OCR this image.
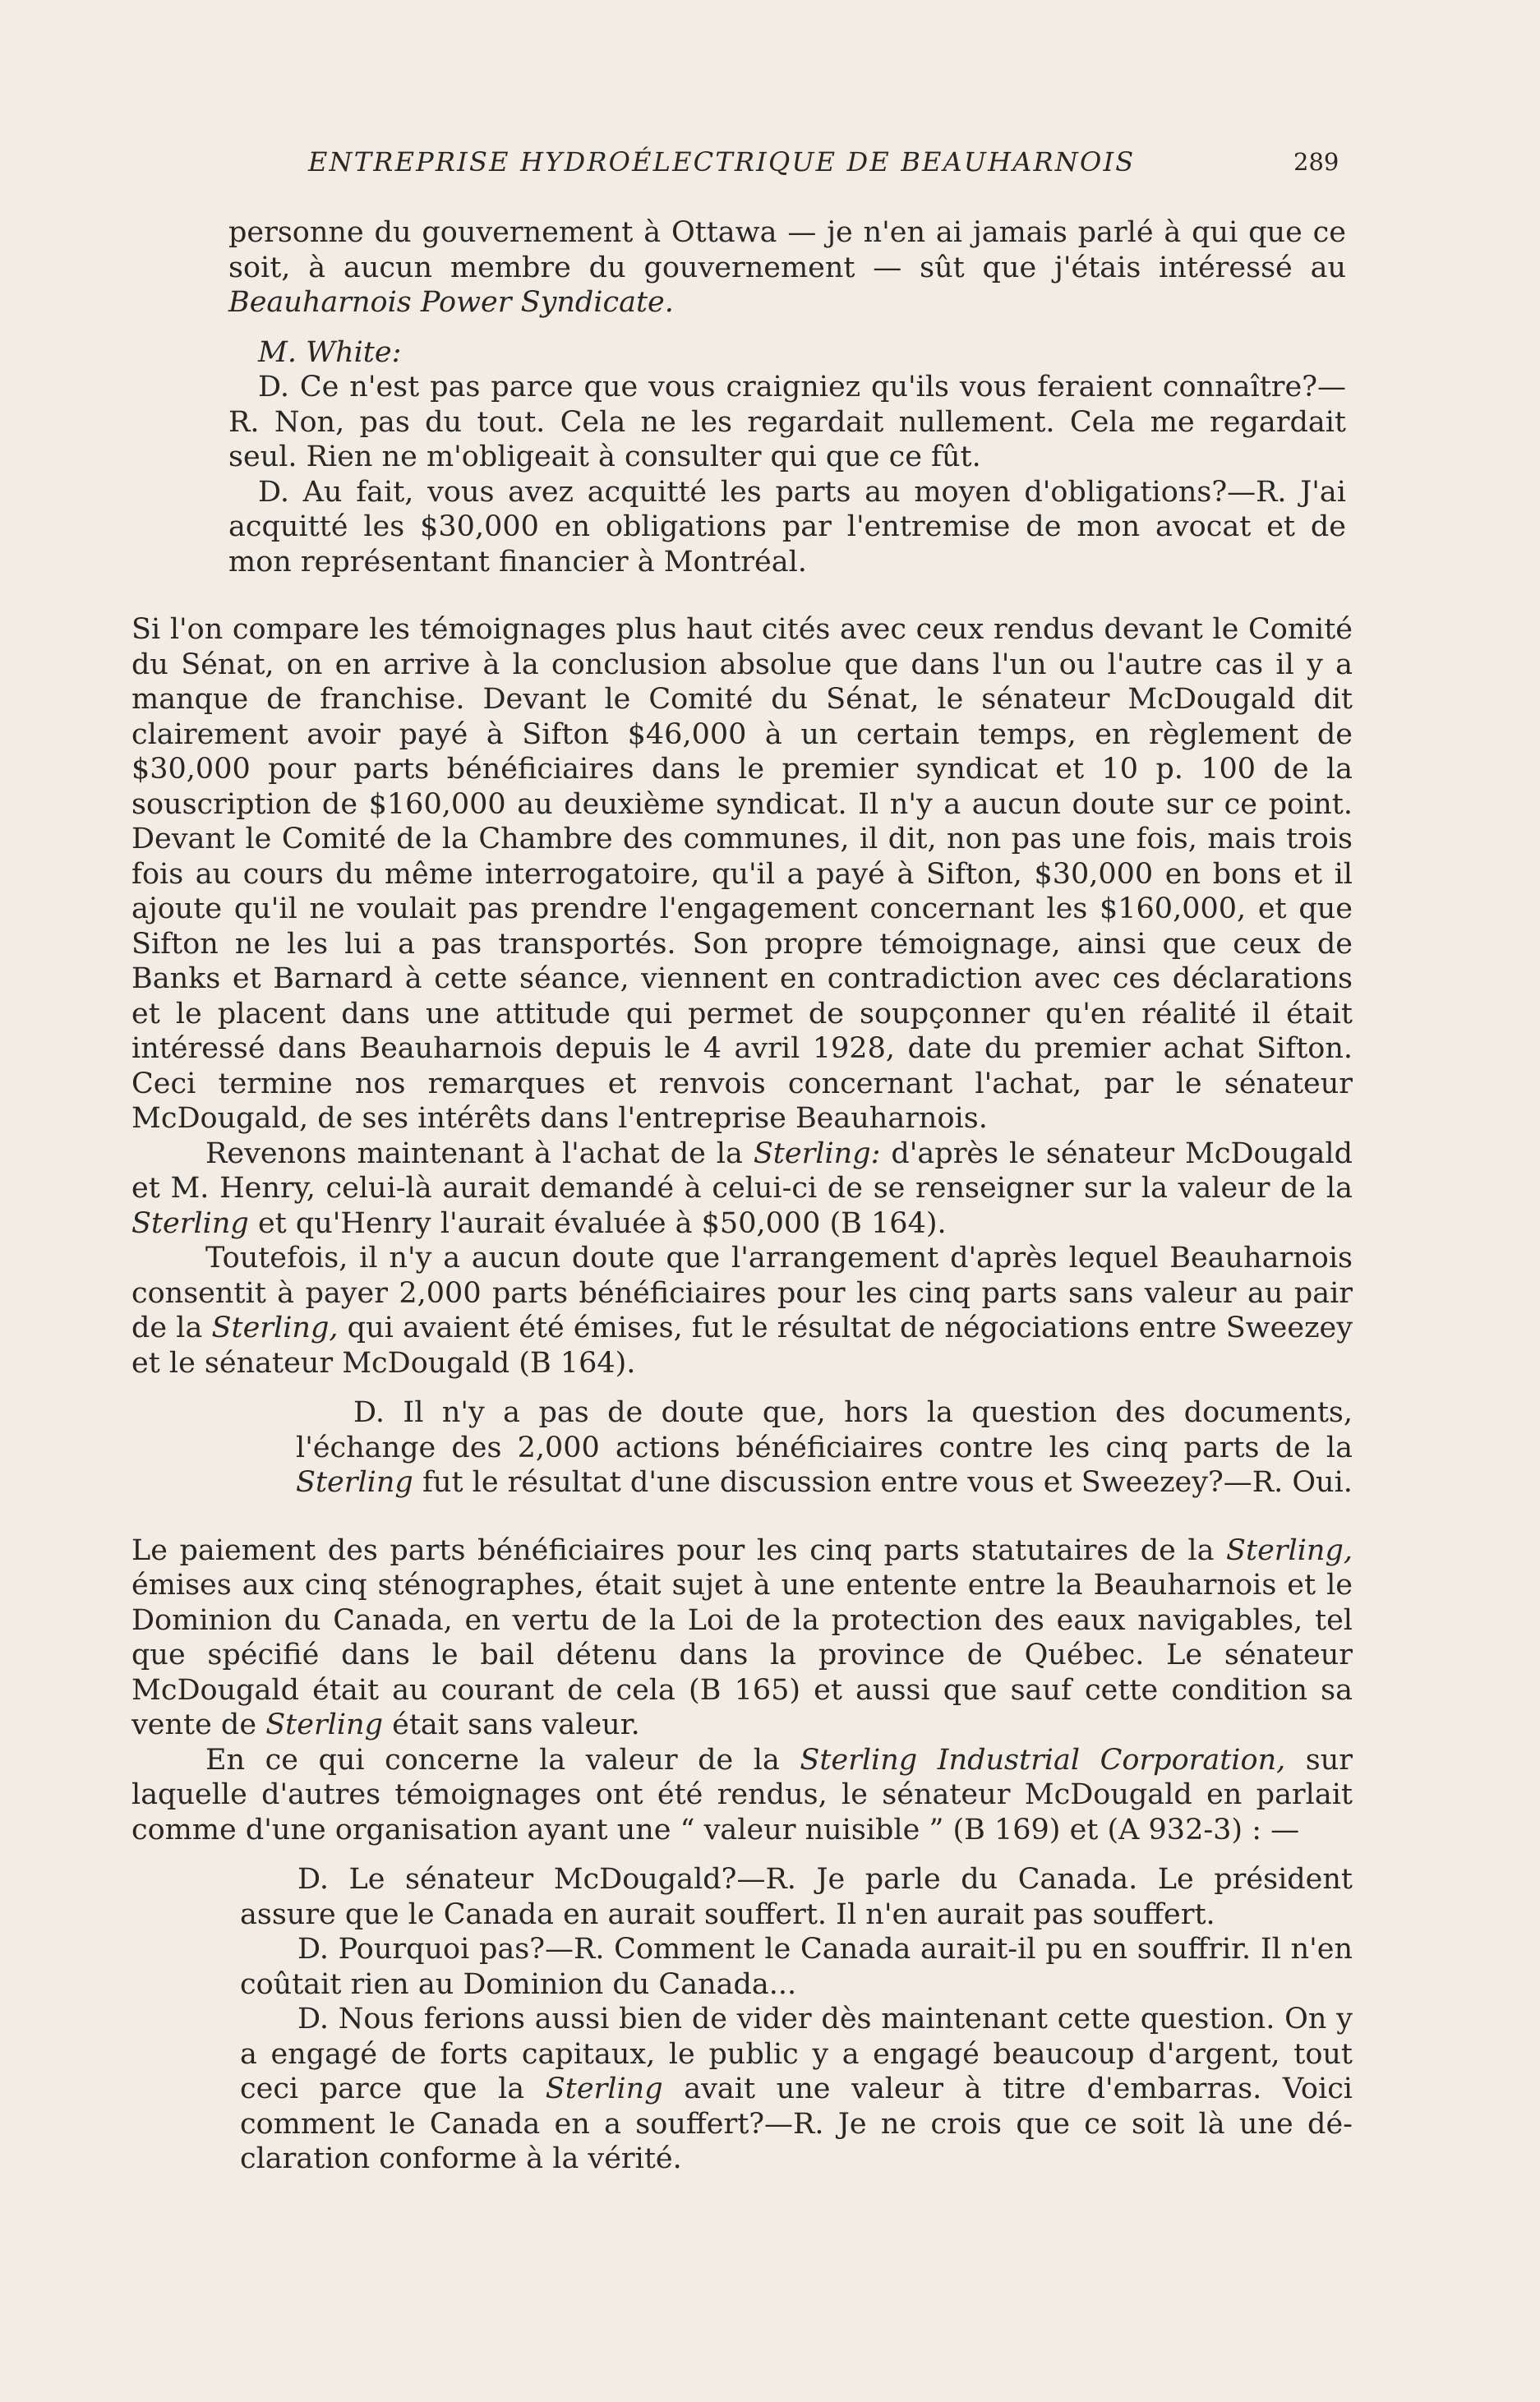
ENTREPRISE HYDROÉLECTRIQUE DE BEAUHARNOIS	289

personne du gouvernement à Ottawa — je n'en ai jamais parlé à qui que ce soit, à aucun membre du gouvernement — sût que j'étais intéressé au Beauharnois Power Syndicate.

M. White:

D. Ce n'est pas parce que vous craigniez qu'ils vous feraient connaître?—R. Non, pas du tout. Cela ne les regardait nullement. Cela me regardait seul. Rien ne m'obligeait à consulter qui que ce fût.

D. Au fait, vous avez acquitté les parts au moyen d'obligations?—R. J'ai acquitté les $30,000 en obligations par l'entremise de mon avocat et de mon représentant financier à Montréal.

Si l'on compare les témoignages plus haut cités avec ceux rendus devant le Comité du Sénat, on en arrive à la conclusion absolue que dans l'un ou l'autre cas il y a manque de franchise. Devant le Comité du Sénat, le sénateur McDougald dit clairement avoir payé à Sifton $46,000 à un certain temps, en règlement de $30,000 pour parts bénéficiaires dans le premier syndicat et 10 p. 100 de la souscription de $160,000 au deuxième syndicat. Il n'y a aucun doute sur ce point. Devant le Comité de la Chambre des communes, il dit, non pas une fois, mais trois fois au cours du même interrogatoire, qu'il a payé à Sifton, $30,000 en bons et il ajoute qu'il ne voulait pas prendre l'engagement concernant les $160,000, et que Sifton ne les lui a pas transportés. Son propre témoignage, ainsi que ceux de Banks et Barnard à cette séance, viennent en contradiction avec ces déclarations et le placent dans une attitude qui permet de soupçonner qu'en réalité il était intéressé dans Beauharnois depuis le 4 avril 1928, date du premier achat Sifton. Ceci termine nos remarques et renvois concernant l'achat, par le sénateur McDougald, de ses intérêts dans l'entreprise Beauharnois.

Revenons maintenant à l'achat de la Sterling: d'après le sénateur McDougald et M. Henry, celui-là aurait demandé à celui-ci de se renseigner sur la valeur de la Sterling et qu'Henry l'aurait évaluée à $50,000 (B 164).

Toutefois, il n'y a aucun doute que l'arrangement d'après lequel Beauharnois consentit à payer 2,000 parts bénéficiaires pour les cinq parts sans valeur au pair de la Sterling, qui avaient été émises, fut le résultat de négociations entre Sweezey et le sénateur McDougald (B 164).

D. Il n'y a pas de doute que, hors la question des documents, l'échange des 2,000 actions bénéficiaires contre les cinq parts de la Sterling fut le résultat d'une discussion entre vous et Sweezey?—R. Oui.

Le paiement des parts bénéficiaires pour les cinq parts statutaires de la Sterling, émises aux cinq sténographes, était sujet à une entente entre la Beauharnois et le Dominion du Canada, en vertu de la Loi de la protection des eaux navigables, tel que spécifié dans le bail détenu dans la province de Québec. Le sénateur McDougald était au courant de cela (B 165) et aussi que sauf cette condition sa vente de Sterling était sans valeur.

En ce qui concerne la valeur de la Sterling Industrial Corporation, sur laquelle d'autres témoignages ont été rendus, le sénateur McDougald en parlait comme d'une organisation ayant une “ valeur nuisible ” (B 169) et (A 932-3) : —

D. Le sénateur McDougald?—R. Je parle du Canada. Le président assure que le Canada en aurait souffert. Il n'en aurait pas souffert.

D. Pourquoi pas?—R. Comment le Canada aurait-il pu en souffrir. Il n'en coûtait rien au Dominion du Canada...

D. Nous ferions aussi bien de vider dès maintenant cette question. On y a engagé de forts capitaux, le public y a engagé beaucoup d'argent, tout ceci parce que la Sterling avait une valeur à titre d'embarras. Voici comment le Canada en a souffert?—R. Je ne crois que ce soit là une déclaration conforme à la vérité.
